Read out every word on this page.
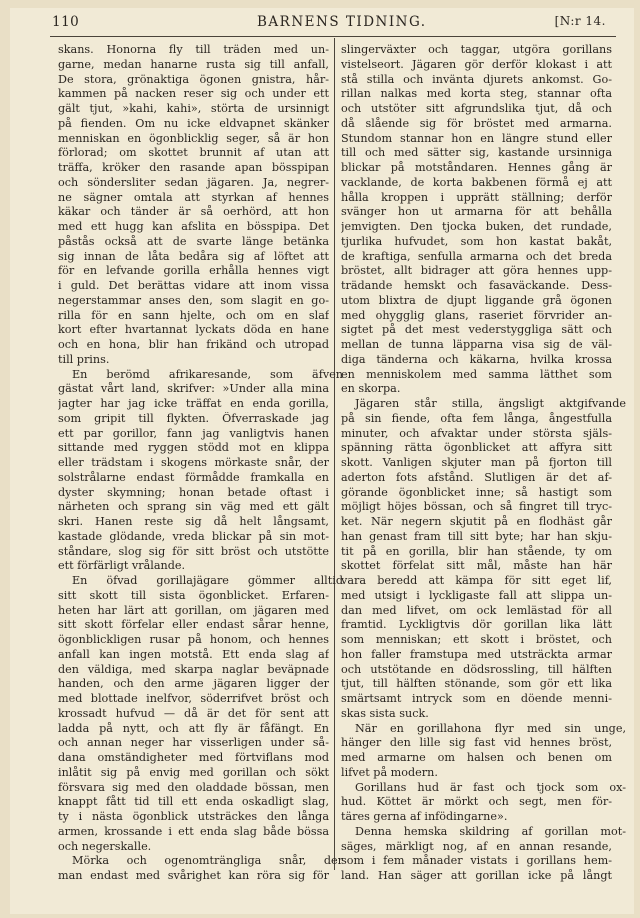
110	BARNENS TIDNING.	[N:r 14.
skans. Honorna fly till träden med un-
garne, medan hanarne rusta sig till anfall,
De stora, grönaktiga ögonen gnistra, hår-
kammen på nacken reser sig och under ett
gält tjut, »kahi, kahi», störta de ursinnigt
på fienden. Om nu icke eldvapnet skänker
menniskan en ögonblicklig seger, så är hon
förlorad; om skottet brunnit af utan att
träffa, kröker den rasande apan bösspipan
och söndersliter sedan jägaren. Ja, negrer-
ne sägner omtala att styrkan af hennes
käkar och tänder är så oerhörd, att hon
med ett hugg kan afslita en bösspipa. Det
påstås också att de svarte länge betänka
sig innan de låta bedåra sig af löftet att
för en lefvande gorilla erhålla hennes vigt
i guld. Det berättas vidare att inom vissa
negerstammar anses den, som slagit en go-
rilla för en sann hjelte, och om en slaf
kort efter hvartannat lyckats döda en hane
och en hona, blir han frikänd och utropad
till prins.
En berömd afrikaresande, som äfven
gästat vårt land, skrifver: »Under alla mina
jagter har jag icke träffat en enda gorilla,
som gripit till flykten. Öfverraskade jag
ett par gorillor, fann jag vanligtvis hanen
sittande med ryggen stödd mot en klippa
eller trädstam i skogens mörkaste snår, der
solstrålarne endast förmådde framkalla en
dyster skymning; honan betade oftast i
närheten och sprang sin väg med ett gält
skri. Hanen reste sig då helt långsamt,
kastade glödande, vreda blickar på sin mot-
ståndare, slog sig för sitt bröst och utstötte
ett förfärligt vrålande.
En öfvad gorillajägare gömmer alltid
sitt skott till sista ögonblicket. Erfaren-
heten har lärt att gorillan, om jägaren med
sitt skott förfelar eller endast sårar henne,
ögonblickligen rusar på honom, och hennes
anfall kan ingen motstå. Ett enda slag af
den väldiga, med skarpa naglar beväpnade
handen, och den arme jägaren ligger der
med blottade inelfvor, söderrifvet bröst och
krossadt hufvud — då är det för sent att
ladda på nytt, och att fly är fåfängt. En
och annan neger har visserligen under så-
dana omständigheter med förtviflans mod
inlåtit sig på envig med gorillan och sökt
försvara sig med den oladdade bössan, men
knappt fått tid till ett enda oskadligt slag,
ty i nästa ögonblick utsträckes den långa
armen, krossande i ett enda slag både bössa
och negerskalle.
Mörka och ogenomträngliga snår, der
man endast med svårighet kan röra sig för
slingerväxter och taggar, utgöra gorillans
vistelseort. Jägaren gör derför klokast i att
stå stilla och invänta djurets ankomst. Go-
rillan nalkas med korta steg, stannar ofta
och utstöter sitt afgrundslika tjut, då och
då slående sig för bröstet med armarna.
Stundom stannar hon en längre stund eller
till och med sätter sig, kastande ursinniga
blickar på motståndaren. Hennes gång är
vacklande, de korta bakbenen förmå ej att
hålla kroppen i upprätt ställning; derför
svänger hon ut armarna för att behålla
jemvigten. Den tjocka buken, det rundade,
tjurlika hufvudet, som hon kastat bakåt,
de kraftiga, senfulla armarna och det breda
bröstet, allt bidrager att göra hennes upp-
trädande hemskt och fasaväckande. Dess-
utom blixtra de djupt liggande grå ögonen
med ohygglig glans, raseriet förvrider an-
sigtet på det mest vederstyggliga sätt och
mellan de tunna läpparna visa sig de väl-
diga tänderna och käkarna, hvilka krossa
en menniskolem med samma lätthet som
en skorpa.
Jägaren står stilla, ängsligt aktgifvande
på sin fiende, ofta fem långa, ångestfulla
minuter, och afvaktar under största själs-
spänning rätta ögonblicket att affyra sitt
skott. Vanligen skjuter man på fjorton till
aderton fots afstånd. Slutligen är det af-
görande ögonblicket inne; så hastigt som
möjligt höjes bössan, och så fingret till tryc-
ket. När negern skjutit på en flodhäst går
han genast fram till sitt byte; har han skju-
tit på en gorilla, blir han stående, ty om
skottet förfelat sitt mål, måste han här
vara beredd att kämpa för sitt eget lif,
med utsigt i lyckligaste fall att slippa un-
dan med lifvet, om ock lemlästad för all
framtid. Lyckligtvis dör gorillan lika lätt
som menniskan; ett skott i bröstet, och
hon faller framstupa med utsträckta armar
och utstötande en dödsrossling, till hälften
tjut, till hälften stönande, som gör ett lika
smärtsamt intryck som en döende menni-
skas sista suck.
När en gorillahona flyr med sin unge,
hänger den lille sig fast vid hennes bröst,
med armarne om halsen och benen om
lifvet på modern.
Gorillans hud är fast och tjock som ox-
hud. Köttet är mörkt och segt, men för-
täres gerna af infödingarne».
Denna hemska skildring af gorillan mot-
säges, märkligt nog, af en annan resande,
som i fem månader vistats i gorillans hem-
land. Han säger att gorillan icke på långt
